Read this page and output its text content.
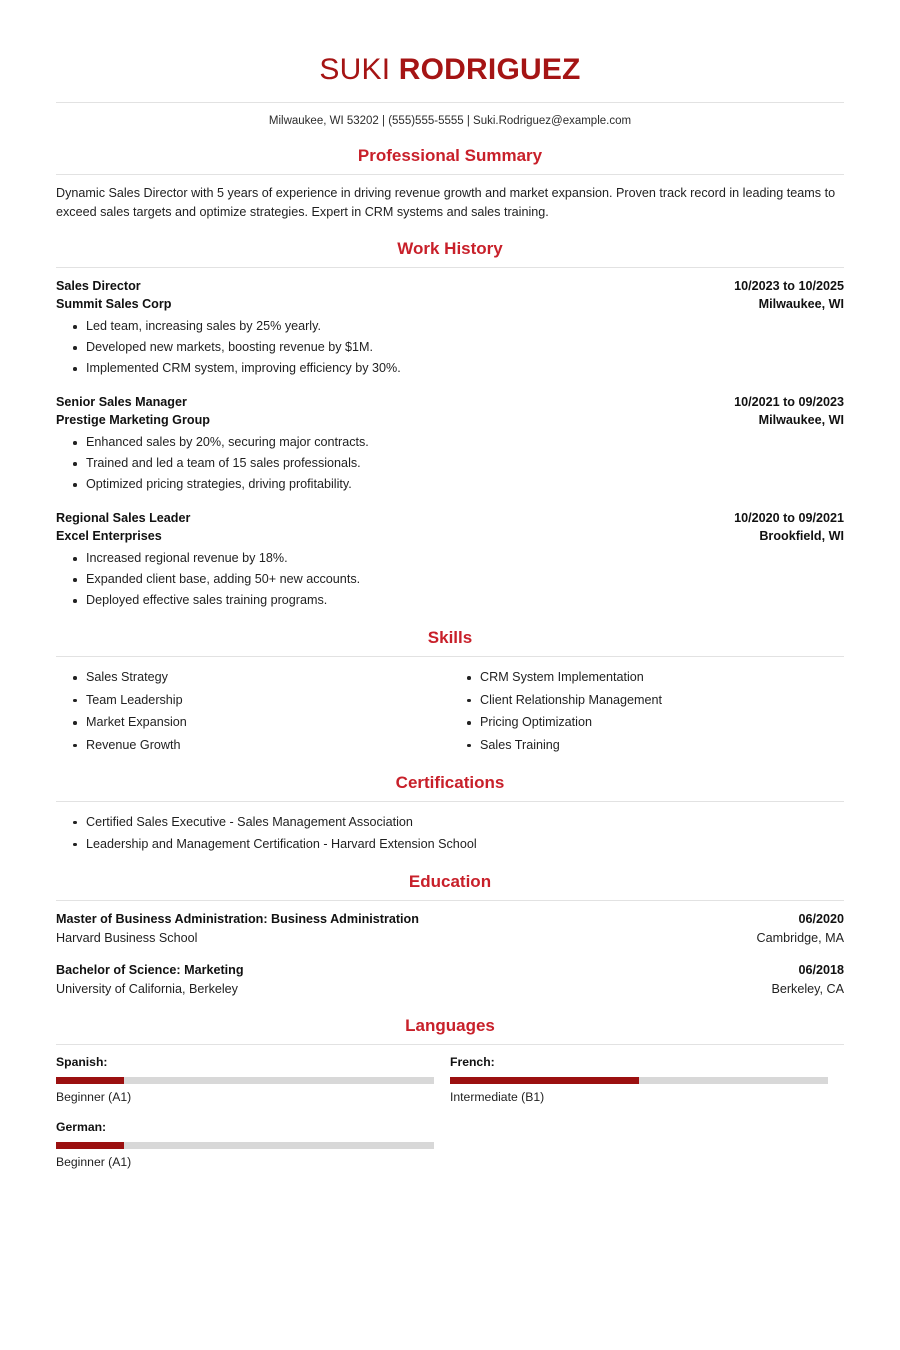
SUKI RODRIGUEZ
Milwaukee, WI 53202 | (555)555-5555 | Suki.Rodriguez@example.com
Professional Summary

Dynamic Sales Director with 5 years of experience in driving revenue growth and market expansion. Proven track record in leading teams to exceed sales targets and optimize strategies. Expert in CRM systems and sales training.

Work History
Sales Director	10/2023 to 10/2025
Summit Sales Corp	Milwaukee, WI
Led team, increasing sales by 25% yearly.
Developed new markets, boosting revenue by $1M.
Implemented CRM system, improving efficiency by 30%.
Senior Sales Manager	10/2021 to 09/2023
Prestige Marketing Group	Milwaukee, WI
Enhanced sales by 20%, securing major contracts.
Trained and led a team of 15 sales professionals.
Optimized pricing strategies, driving profitability.
Regional Sales Leader	10/2020 to 09/2021
Excel Enterprises	Brookfield, WI
Increased regional revenue by 18%.
Expanded client base, adding 50+ new accounts.
Deployed effective sales training programs.
Skills
Sales Strategy
Team Leadership
Market Expansion
Revenue Growth
CRM System Implementation
Client Relationship Management
Pricing Optimization
Sales Training
Certifications
Certified Sales Executive - Sales Management Association
Leadership and Management Certification - Harvard Extension School
Education
Master of Business Administration: Business Administration	06/2020
Harvard Business School	Cambridge, MA
Bachelor of Science: Marketing	06/2018
University of California, Berkeley	Berkeley, CA
Languages
Spanish:
Beginner (A1)
French:
Intermediate (B1)
German:
Beginner (A1)
